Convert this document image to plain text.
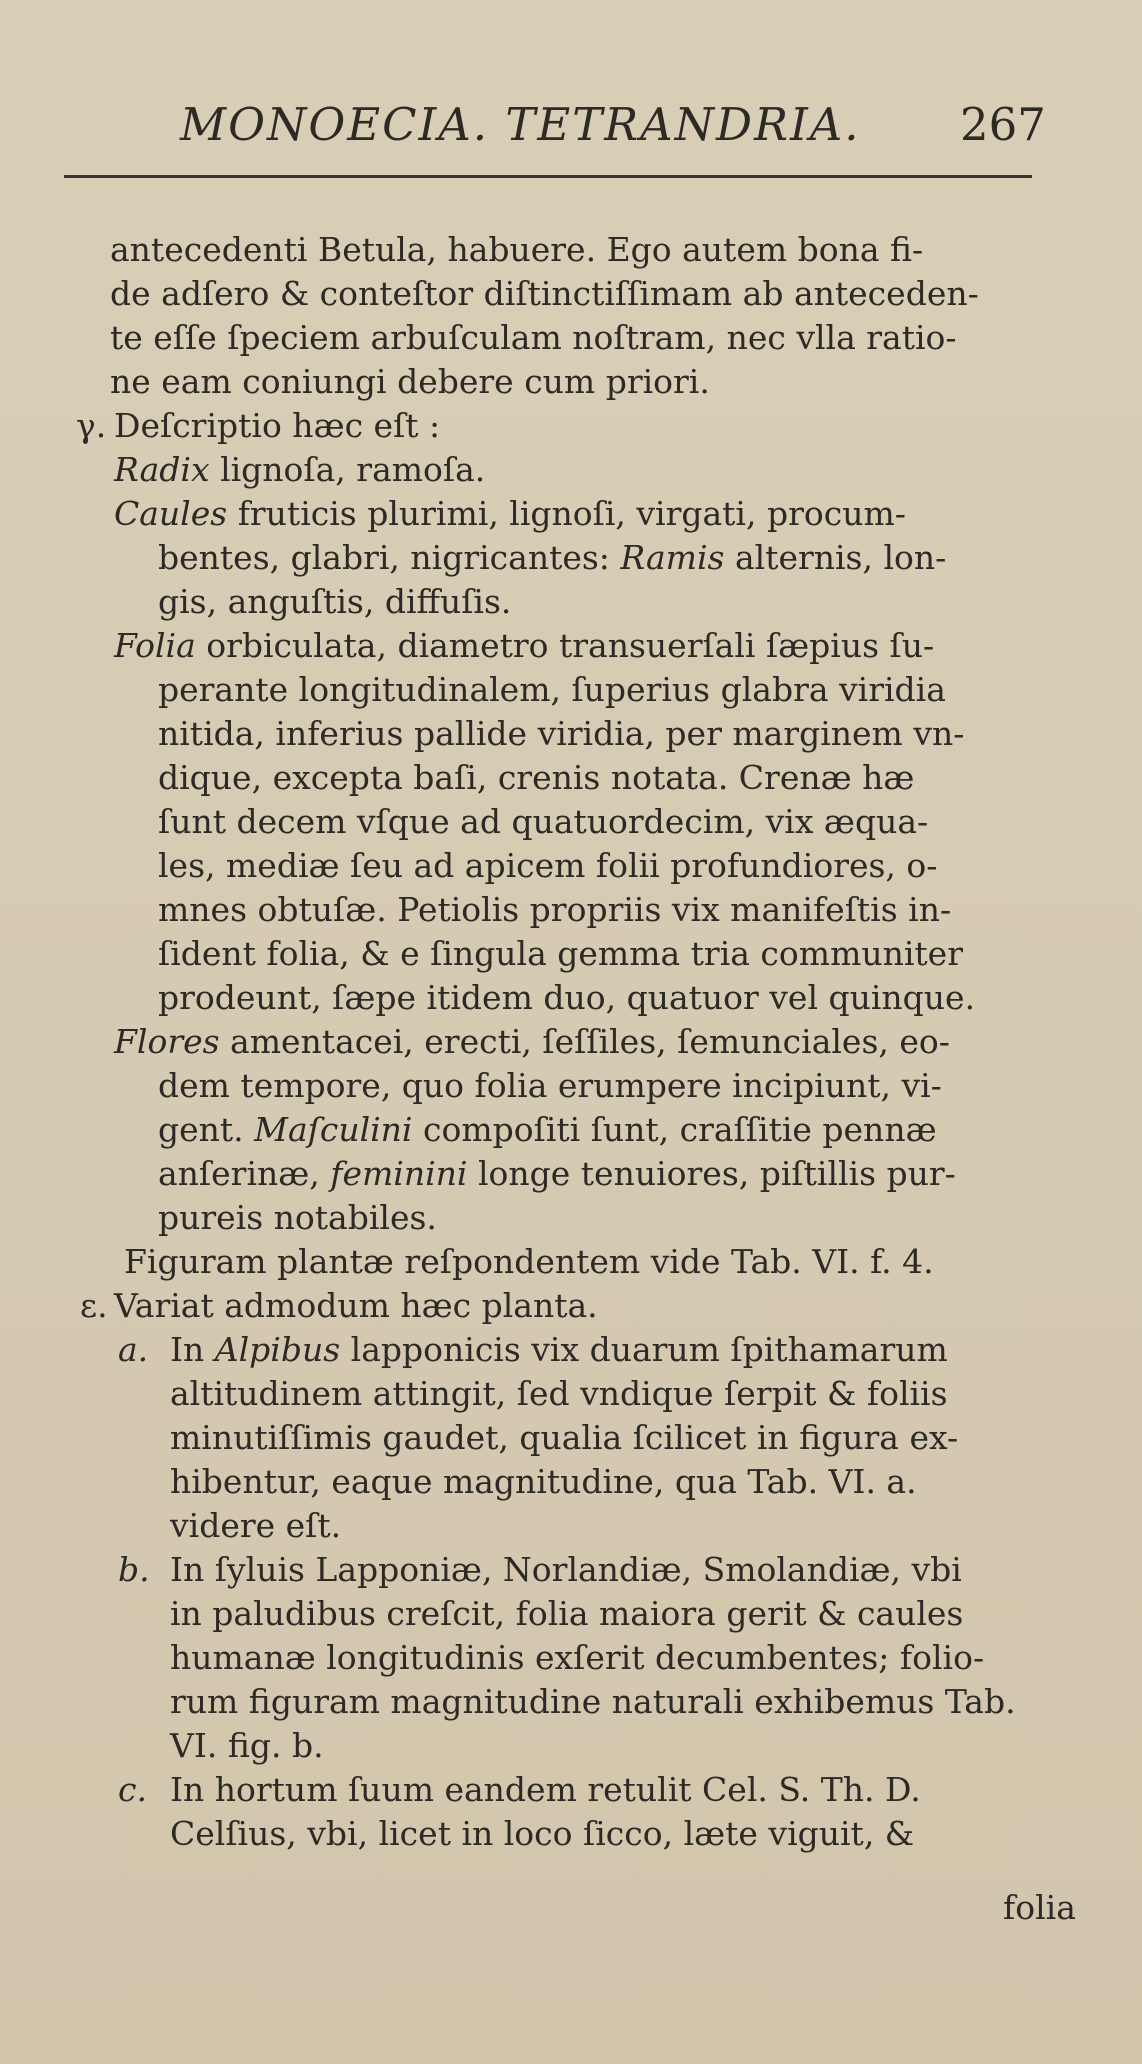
MONOECIA. TETRANDRIA. 267
antecedenti Betula, habuere. Ego autem bona fi-
de adſero & conteſtor diſtinctiſſimam ab anteceden-
te eſſe ſpeciem arbuſculam noſtram, nec vlla ratio-
ne eam coniungi debere cum priori.
γ. Deſcriptio hæc eſt :
Radix lignoſa, ramoſa.
Caules fruticis plurimi, lignoſi, virgati, procum-
bentes, glabri, nigricantes: Ramis alternis, lon-
gis, anguſtis, diffuſis.
Folia orbiculata, diametro transuerſali ſæpius ſu-
perante longitudinalem, ſuperius glabra viridia
nitida, inferius pallide viridia, per marginem vn-
dique, excepta baſi, crenis notata. Crenæ hæ
ſunt decem vſque ad quatuordecim, vix æqua-
les, mediæ ſeu ad apicem folii profundiores, o-
mnes obtuſæ. Petiolis propriis vix manifeſtis in-
ſident folia, & e ſingula gemma tria communiter
prodeunt, ſæpe itidem duo, quatuor vel quinque.
Flores amentacei, erecti, ſeſſiles, ſemunciales, eo-
dem tempore, quo folia erumpere incipiunt, vi-
gent. Maſculini compoſiti ſunt, craſſitie pennæ
anſerinæ, feminini longe tenuiores, piſtillis pur-
pureis notabiles.
Figuram plantæ reſpondentem vide Tab. VI. f. 4.
ε. Variat admodum hæc planta.
a. In Alpibus lapponicis vix duarum ſpithamarum
altitudinem attingit, ſed vndique ſerpit & foliis
minutiſſimis gaudet, qualia ſcilicet in figura ex-
hibentur, eaque magnitudine, qua Tab. VI. a.
videre eſt.
b. In ſyluis Lapponiæ, Norlandiæ, Smolandiæ, vbi
in paludibus creſcit, folia maiora gerit & caules
humanæ longitudinis exſerit decumbentes; folio-
rum figuram magnitudine naturali exhibemus Tab.
VI. fig. b.
c. In hortum ſuum eandem retulit Cel. S. Th. D.
Celſius, vbi, licet in loco ſicco, læte viguit, &
folia
